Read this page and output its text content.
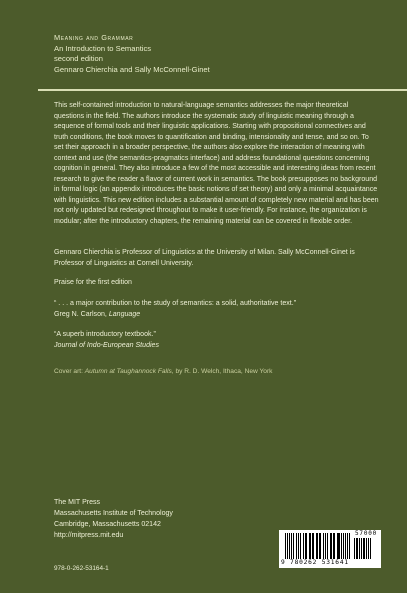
Meaning and Grammar
An Introduction to Semantics
second edition
Gennaro Chierchia and Sally McConnell-Ginet
This self-contained introduction to natural-language semantics addresses the major theoretical questions in the field. The authors introduce the systematic study of linguistic meaning through a sequence of formal tools and their linguistic applications. Starting with propositional connectives and truth conditions, the book moves to quantification and binding, intensionality and tense, and so on. To set their approach in a broader perspective, the authors also explore the interaction of meaning with context and use (the semantics-pragmatics interface) and address foundational questions concerning cognition in general. They also introduce a few of the most accessible and interesting ideas from recent research to give the reader a flavor of current work in semantics. The book presupposes no background in formal logic (an appendix introduces the basic notions of set theory) and only a minimal acquaintance with linguistics. This new edition includes a substantial amount of completely new material and has been not only updated but redesigned throughout to make it user-friendly. For instance, the organization is modular; after the introductory chapters, the remaining material can be covered in flexible order.
Gennaro Chierchia is Professor of Linguistics at the University of Milan. Sally McConnell-Ginet is Professor of Linguistics at Cornell University.
Praise for the first edition
“ . . . a major contribution to the study of semantics: a solid, authoritative text.”
Greg N. Carlson, Language
“A superb introductory textbook.”
Journal of Indo-European Studies
Cover art: Autumn at Taughannock Falls, by R. D. Welch, Ithaca, New York
The MIT Press
Massachusetts Institute of Technology
Cambridge, Massachusetts 02142
http://mitpress.mit.edu
978-0-262-53164-1
57000
9 780262 531641
